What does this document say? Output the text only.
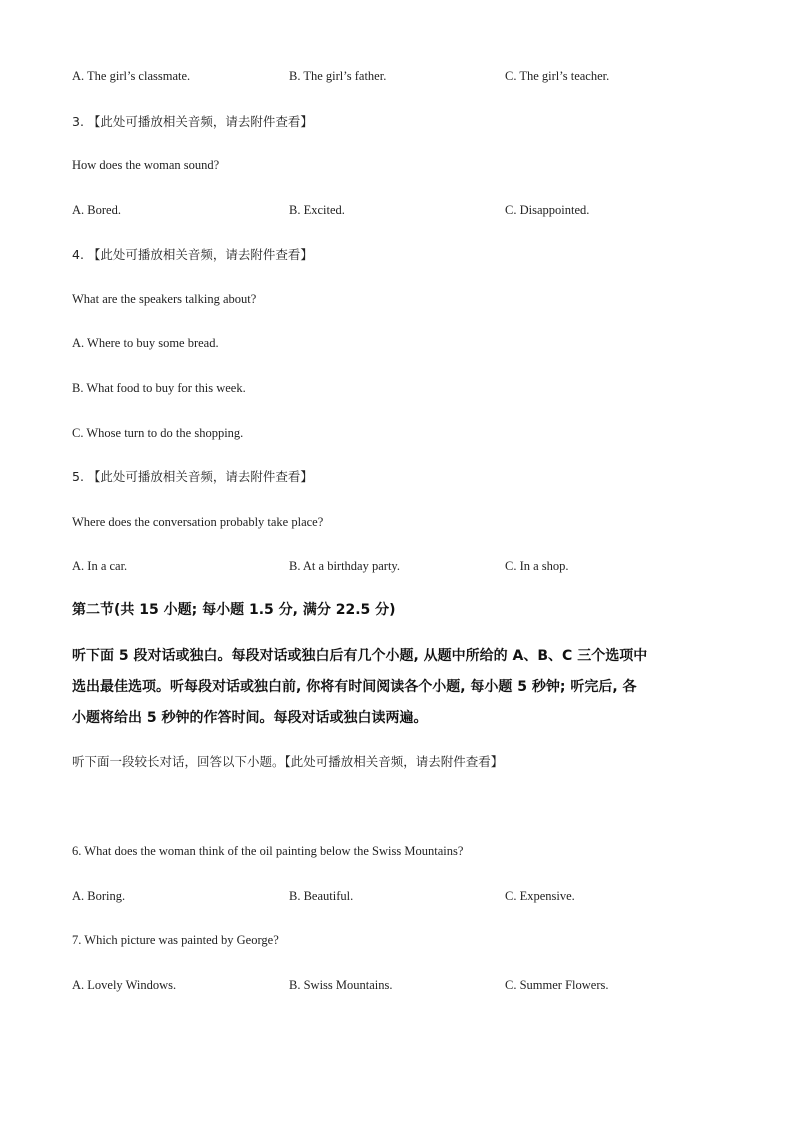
A. The girl’s classmate.	B. The girl’s father.	C. The girl’s teacher.
3. 【此处可播放相关音频，请去附件查看】
How does the woman sound?
A. Bored.	B. Excited.	C. Disappointed.
4. 【此处可播放相关音频，请去附件查看】
What are the speakers talking about?
A. Where to buy some bread.
B. What food to buy for this week.
C. Whose turn to do the shopping.
5. 【此处可播放相关音频，请去附件查看】
Where does the conversation probably take place?
A. In a car.	B. At a birthday party.	C. In a shop.
第二节(共 15 小题; 每小题 1.5 分, 满分 22.5 分)
听下面 5 段对话或独白。每段对话或独白后有几个小题, 从题中所给的 A、B、C 三个选项中
选出最佳选项。听每段对话或独白前, 你将有时间阅读各个小题, 每小题 5 秒钟; 听完后, 各
小题将给出 5 秒钟的作答时间。每段对话或独白读两遍。
听下面一段较长对话，回答以下小题。【此处可播放相关音频，请去附件查看】
6. What does the woman think of the oil painting below the Swiss Mountains?
A. Boring.	B. Beautiful.	C. Expensive.
7. Which picture was painted by George?
A. Lovely Windows.	B. Swiss Mountains.	C. Summer Flowers.
